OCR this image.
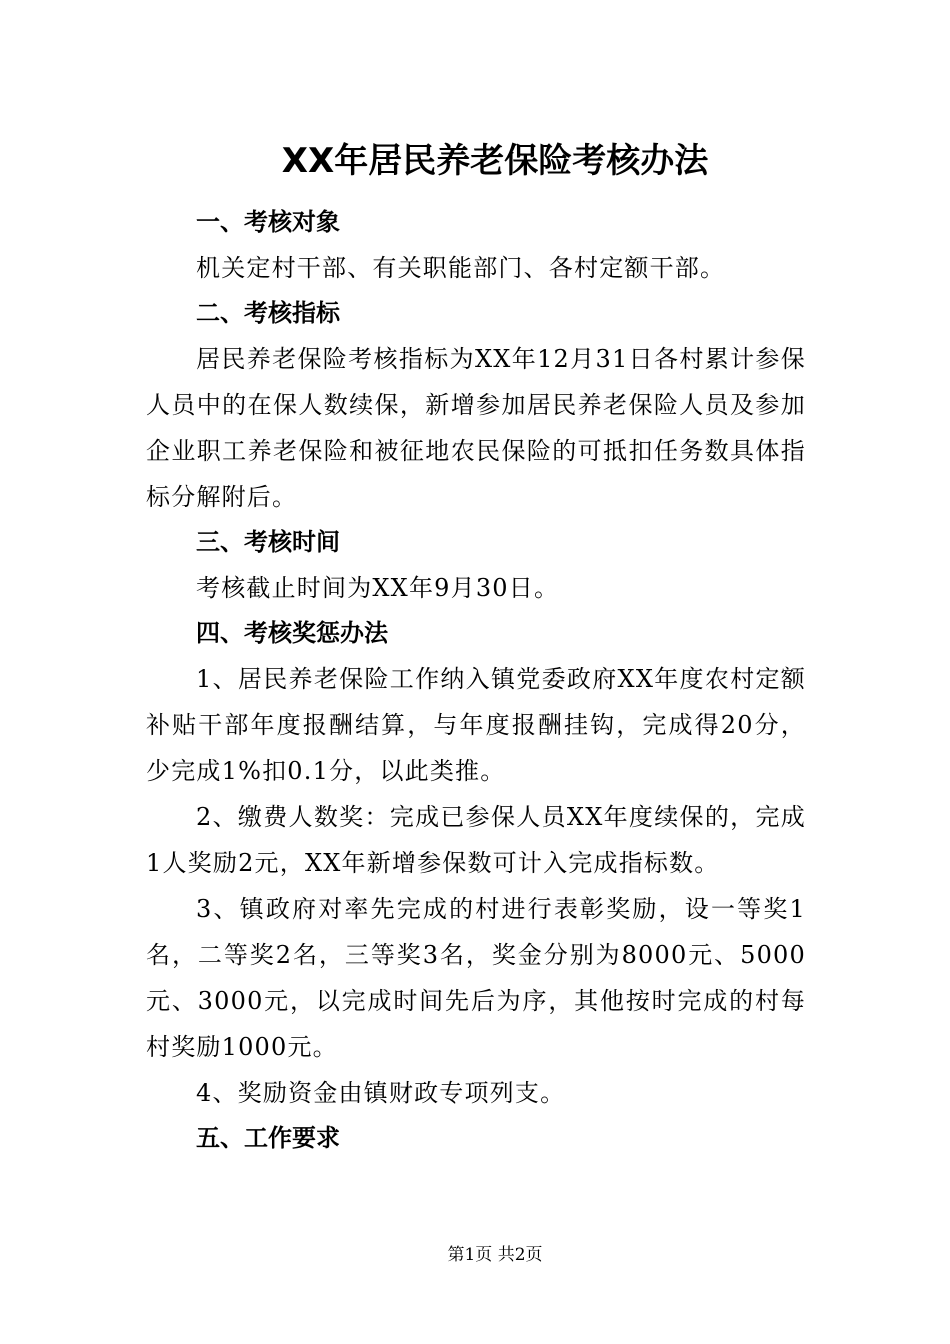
XX年居民养老保险考核办法
一、考核对象
机关定村干部、有关职能部门、各村定额干部。
二、考核指标
居民养老保险考核指标为XX年12月31日各村累计参保人员中的在保人数续保，新增参加居民养老保险人员及参加企业职工养老保险和被征地农民保险的可抵扣任务数具体指标分解附后。
三、考核时间
考核截止时间为XX年9月30日。
四、考核奖惩办法
1、居民养老保险工作纳入镇党委政府XX年度农村定额补贴干部年度报酬结算，与年度报酬挂钩，完成得20分，少完成1%扣0.1分，以此类推。
2、缴费人数奖：完成已参保人员XX年度续保的，完成1人奖励2元，XX年新增参保数可计入完成指标数。
3、镇政府对率先完成的村进行表彰奖励，设一等奖1名，二等奖2名，三等奖3名，奖金分别为8000元、5000元、3000元，以完成时间先后为序，其他按时完成的村每村奖励1000元。
4、奖励资金由镇财政专项列支。
五、工作要求
第1页 共2页
